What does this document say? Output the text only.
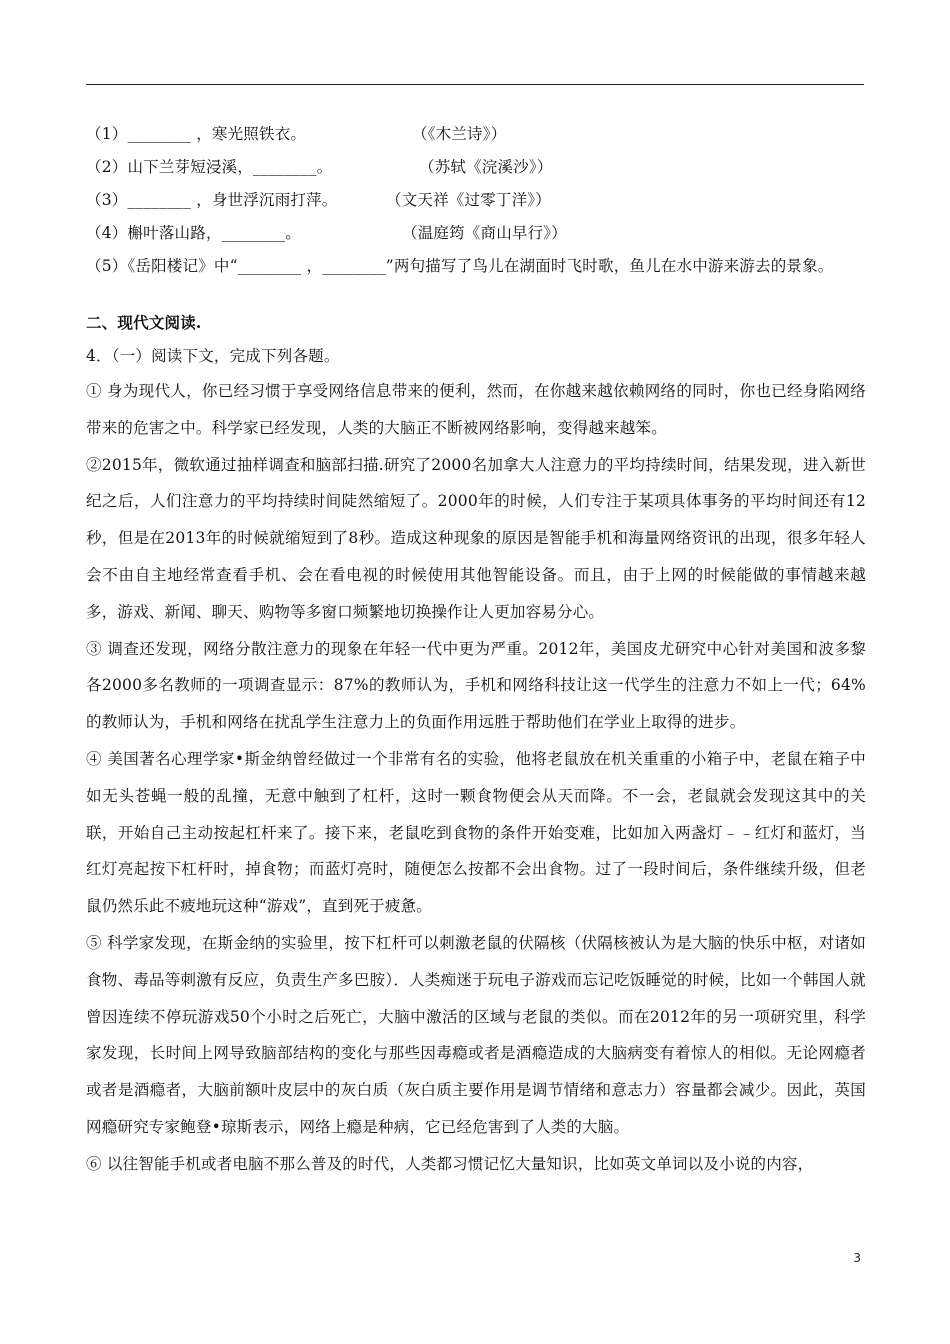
（1）________ ，寒光照铁衣。	（《木兰诗》）
（2）山下兰芽短浸溪，________。	（苏轼《浣溪沙》）
（3）________ ，身世浮沉雨打萍。	（文天祥《过零丁洋》）
（4）槲叶落山路，________。	（温庭筠《商山早行》）
（5）《岳阳楼记》中“________ ，________”两句描写了鸟儿在湖面时飞时歌，鱼儿在水中游来游去的景象。
二、现代文阅读.
4．（一）阅读下文，完成下列各题。
① 身为现代人，你已经习惯于享受网络信息带来的便利，然而，在你越来越依赖网络的同时，你也已经身陷网络带来的危害之中。科学家已经发现，人类的大脑正不断被网络影响，变得越来越笨。
②2015年，微软通过抽样调查和脑部扫描.研究了2000名加拿大人注意力的平均持续时间，结果发现，进入新世纪之后，人们注意力的平均持续时间陡然缩短了。2000年的时候，人们专注于某项具体事务的平均时间还有12秒，但是在2013年的时候就缩短到了8秒。造成这种现象的原因是智能手机和海量网络资讯的出现，很多年轻人会不由自主地经常查看手机、会在看电视的时候使用其他智能设备。而且，由于上网的时候能做的事情越来越多，游戏、新闻、聊天、购物等多窗口频繁地切换操作让人更加容易分心。
③ 调查还发现，网络分散注意力的现象在年轻一代中更为严重。2012年，美国皮尤研究中心针对美国和波多黎各2000多名教师的一项调查显示：87%的教师认为，手机和网络科技让这一代学生的注意力不如上一代；64%的教师认为，手机和网络在扰乱学生注意力上的负面作用远胜于帮助他们在学业上取得的进步。
④ 美国著名心理学家•斯金纳曾经做过一个非常有名的实验，他将老鼠放在机关重重的小箱子中，老鼠在箱子中如无头苍蝇一般的乱撞，无意中触到了杠杆，这时一颗食物便会从天而降。不一会，老鼠就会发现这其中的关联，开始自己主动按起杠杆来了。接下来，老鼠吃到食物的条件开始变难，比如加入两盏灯﹣﹣红灯和蓝灯，当红灯亮起按下杠杆时，掉食物；而蓝灯亮时，随便怎么按都不会出食物。过了一段时间后，条件继续升级，但老鼠仍然乐此不疲地玩这种“游戏”，直到死于疲惫。
⑤ 科学家发现，在斯金纳的实验里，按下杠杆可以刺激老鼠的伏隔核（伏隔核被认为是大脑的快乐中枢，对诸如食物、毒品等刺激有反应，负责生产多巴胺）．人类痴迷于玩电子游戏而忘记吃饭睡觉的时候，比如一个韩国人就曾因连续不停玩游戏50个小时之后死亡，大脑中激活的区域与老鼠的类似。而在2012年的另一项研究里，科学家发现，长时间上网导致脑部结构的变化与那些因毒瘾或者是酒瘾造成的大脑病变有着惊人的相似。无论网瘾者或者是酒瘾者，大脑前额叶皮层中的灰白质（灰白质主要作用是调节情绪和意志力）容量都会减少。因此，英国网瘾研究专家鲍登•琼斯表示，网络上瘾是种病，它已经危害到了人类的大脑。
⑥ 以往智能手机或者电脑不那么普及的时代，人类都习惯记忆大量知识，比如英文单词以及小说的内容，
3
